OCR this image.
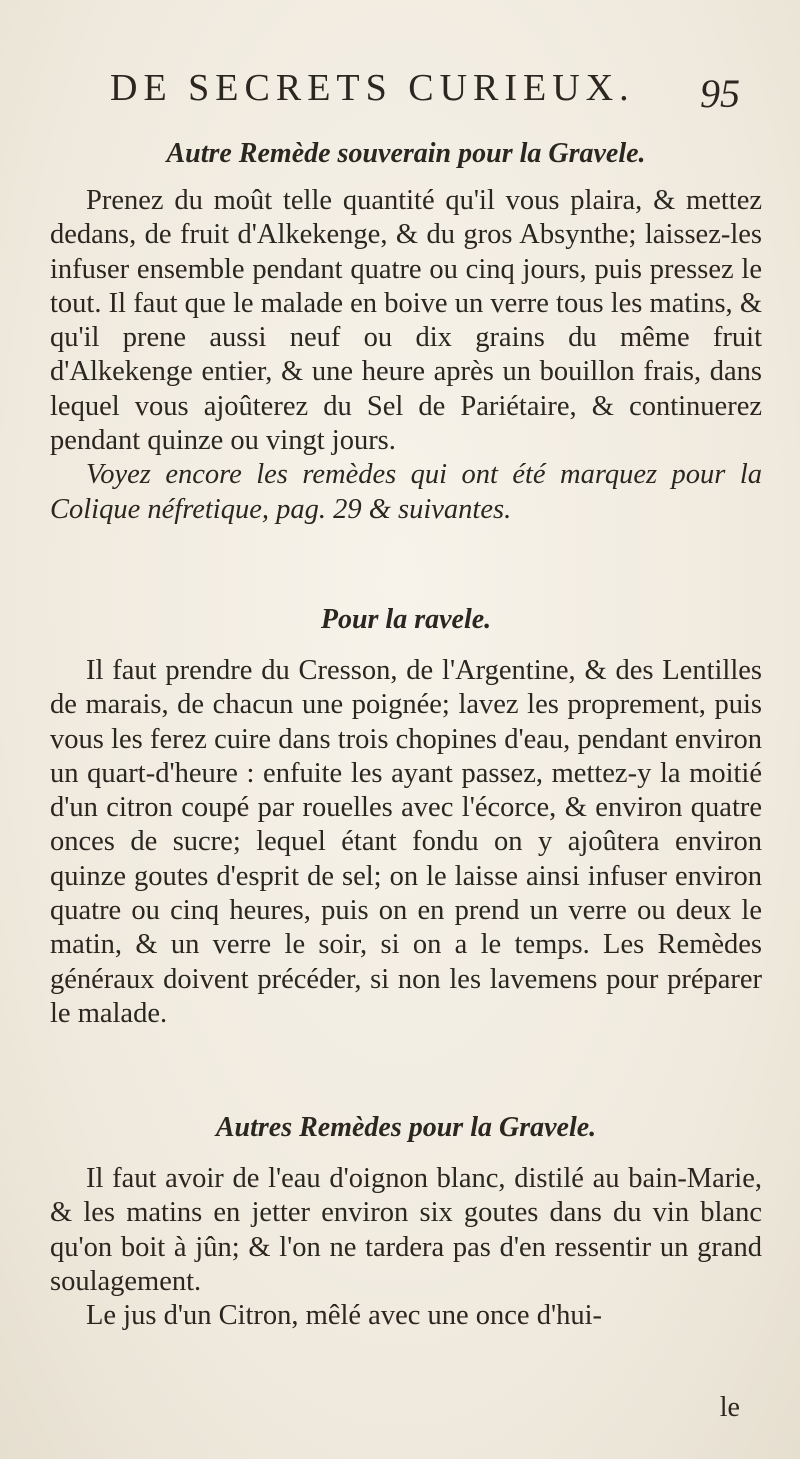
DE SECRETS CURIEUX. 95
Autre Remède souverain pour la Gravele.

Prenez du moût telle quantité qu'il vous plaira, & mettez dedans, de fruit d'Alkekenge, & du gros Absynthe; laissez-les infuser ensemble pendant quatre ou cinq jours, puis pressez le tout. Il faut que le malade en boive un verre tous les matins, & qu'il prene aussi neuf ou dix grains du même fruit d'Alkekenge entier, & une heure après un bouillon frais, dans lequel vous ajoûterez du Sel de Pariétaire, & continuerez pendant quinze ou vingt jours.

Voyez encore les remèdes qui ont été marquez pour la Colique néfretique, pag. 29 & suivantes.

Pour la ravele.

Il faut prendre du Cresson, de l'Argentine, & des Lentilles de marais, de chacun une poignée; lavez les proprement, puis vous les ferez cuire dans trois chopines d'eau, pendant environ un quart-d'heure : enfuite les ayant passez, mettez-y la moitié d'un citron coupé par rouelles avec l'écorce, & environ quatre onces de sucre; lequel étant fondu on y ajoûtera environ quinze goutes d'esprit de sel; on le laisse ainsi infuser environ quatre ou cinq heures, puis on en prend un verre ou deux le matin, & un verre le soir, si on a le temps. Les Remèdes généraux doivent précéder, si non les lavemens pour préparer le malade.

Autres Remèdes pour la Gravele.

Il faut avoir de l'eau d'oignon blanc, distilé au bain-Marie, & les matins en jetter environ six goutes dans du vin blanc qu'on boit à jûn; & l'on ne tardera pas d'en ressentir un grand soulagement.

Le jus d'un Citron, mêlé avec une once d'hui-

le
